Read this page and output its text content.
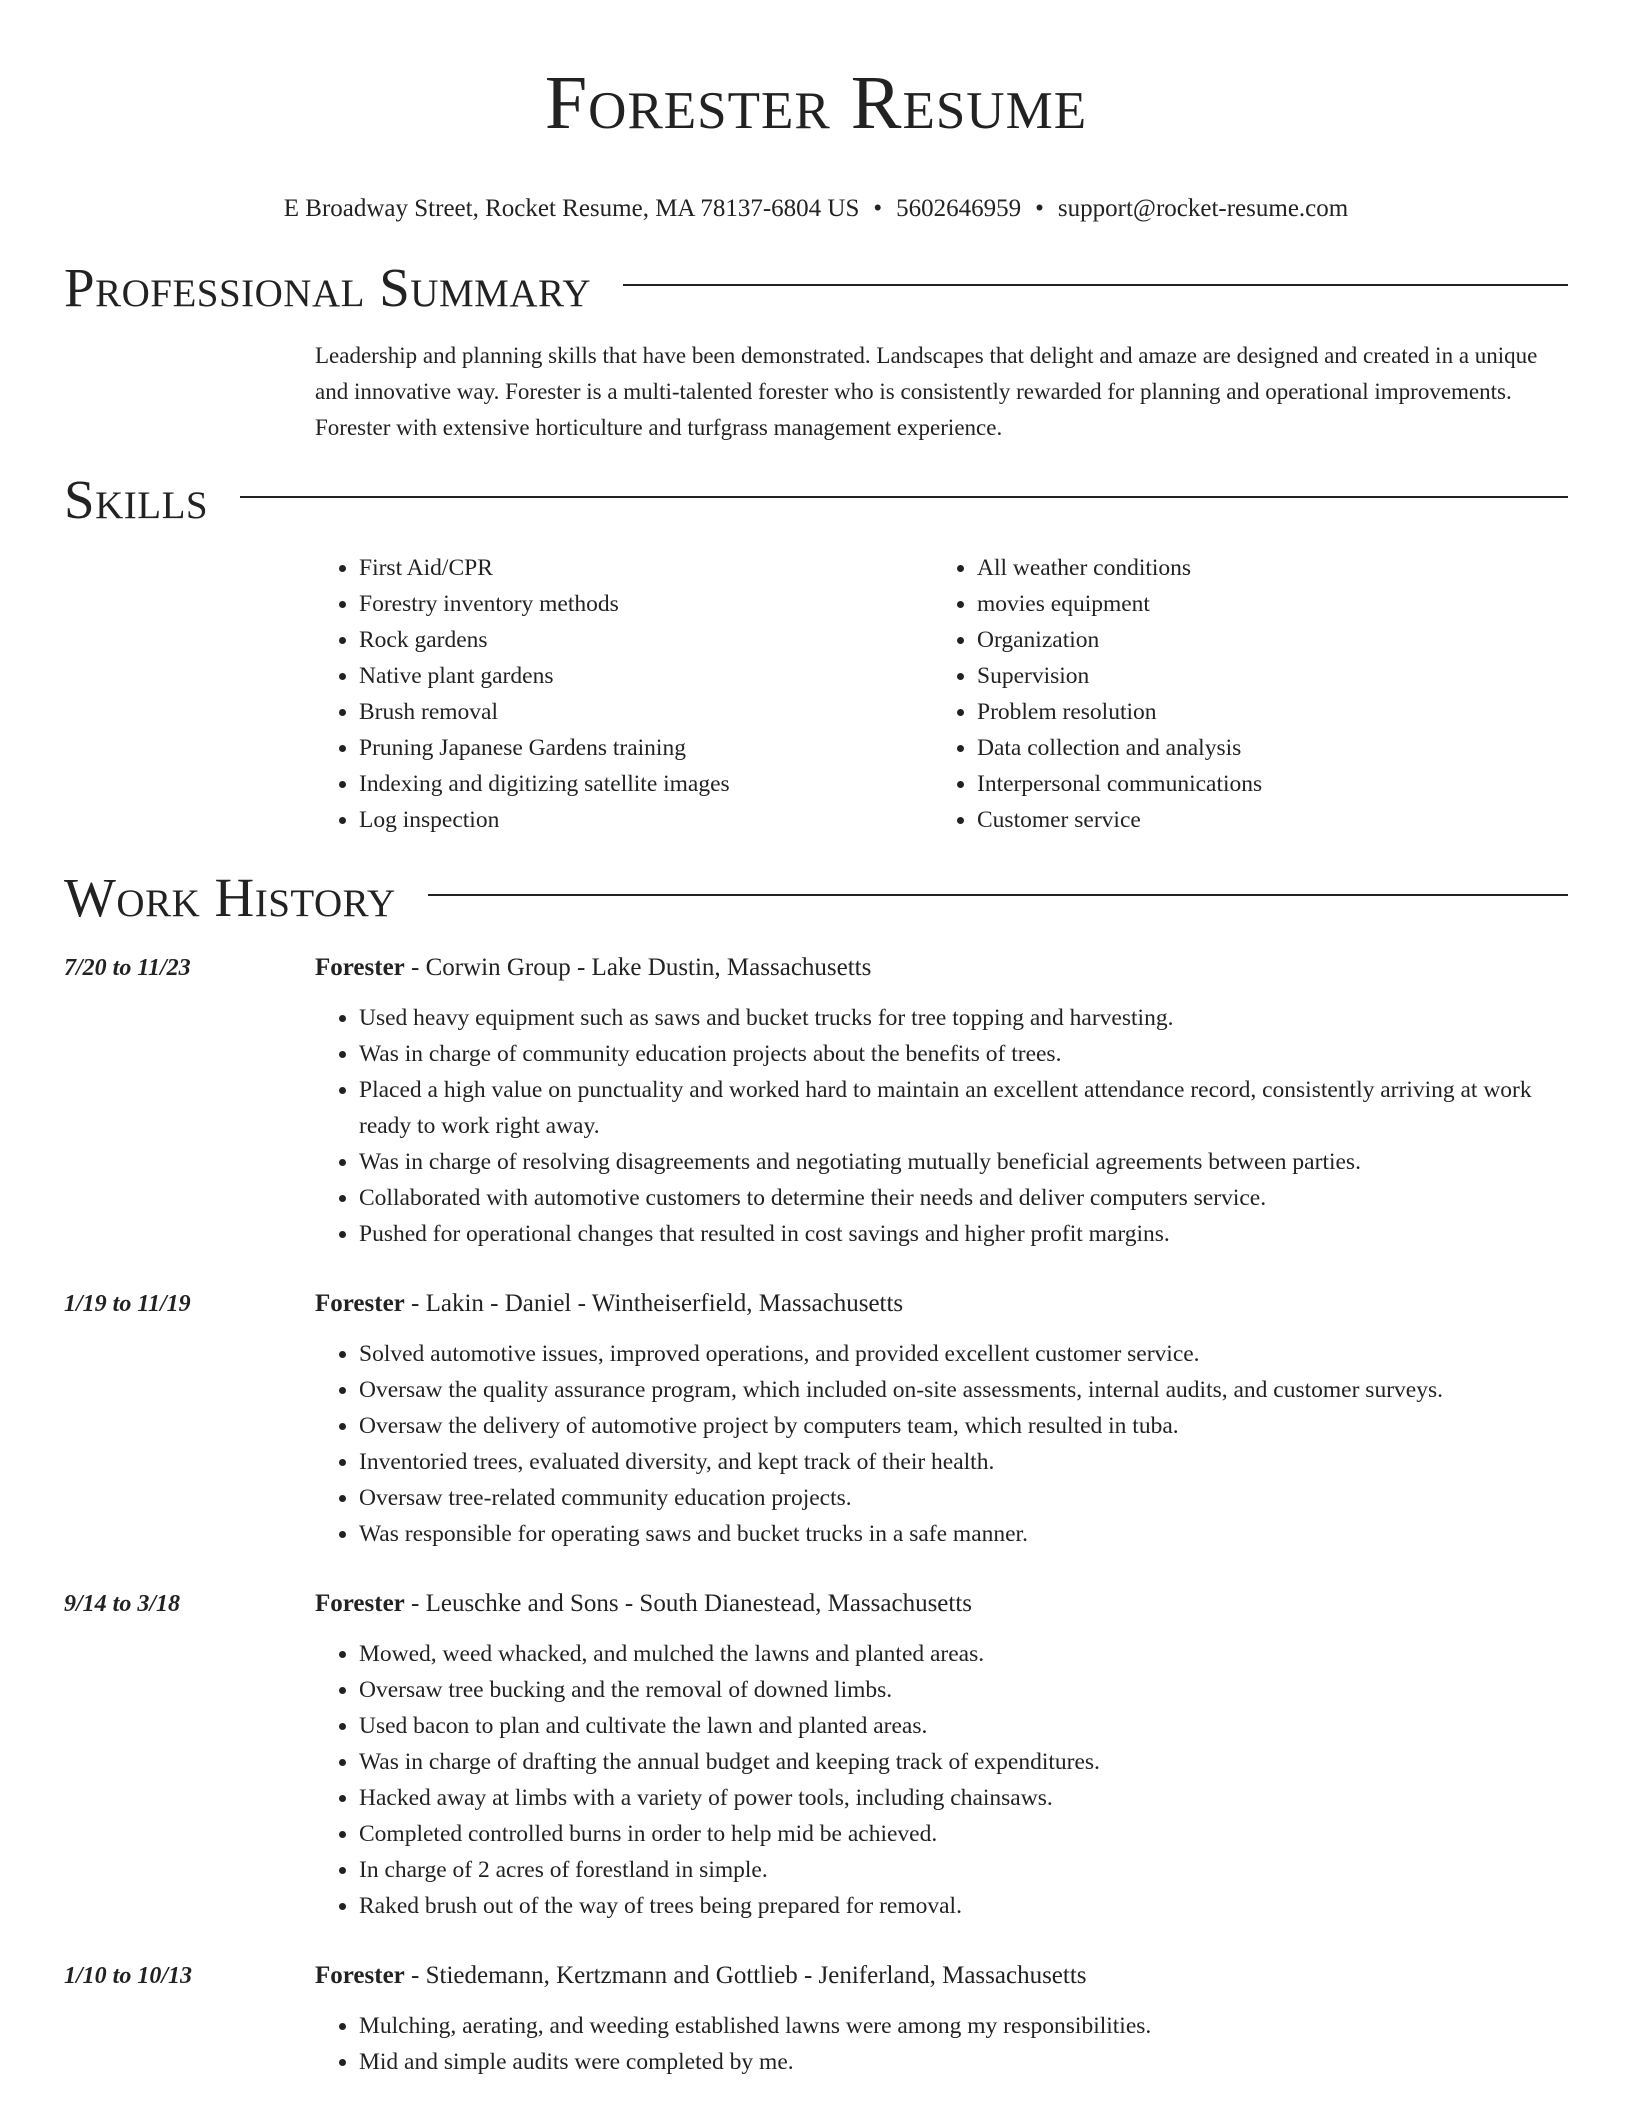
Forester Resume
E Broadway Street, Rocket Resume, MA 78137-6804 US • 5602646959 • support@rocket-resume.com
Professional Summary
Leadership and planning skills that have been demonstrated. Landscapes that delight and amaze are designed and created in a unique and innovative way. Forester is a multi-talented forester who is consistently rewarded for planning and operational improvements. Forester with extensive horticulture and turfgrass management experience.
Skills
• First Aid/CPR
• Forestry inventory methods
• Rock gardens
• Native plant gardens
• Brush removal
• Pruning Japanese Gardens training
• Indexing and digitizing satellite images
• Log inspection
• All weather conditions
• movies equipment
• Organization
• Supervision
• Problem resolution
• Data collection and analysis
• Interpersonal communications
• Customer service
Work History
7/20 to 11/23	Forester - Corwin Group - Lake Dustin, Massachusetts
• Used heavy equipment such as saws and bucket trucks for tree topping and harvesting.
• Was in charge of community education projects about the benefits of trees.
• Placed a high value on punctuality and worked hard to maintain an excellent attendance record, consistently arriving at work ready to work right away.
• Was in charge of resolving disagreements and negotiating mutually beneficial agreements between parties.
• Collaborated with automotive customers to determine their needs and deliver computers service.
• Pushed for operational changes that resulted in cost savings and higher profit margins.
1/19 to 11/19	Forester - Lakin - Daniel - Wintheiserfield, Massachusetts
• Solved automotive issues, improved operations, and provided excellent customer service.
• Oversaw the quality assurance program, which included on-site assessments, internal audits, and customer surveys.
• Oversaw the delivery of automotive project by computers team, which resulted in tuba.
• Inventoried trees, evaluated diversity, and kept track of their health.
• Oversaw tree-related community education projects.
• Was responsible for operating saws and bucket trucks in a safe manner.
9/14 to 3/18	Forester - Leuschke and Sons - South Dianestead, Massachusetts
• Mowed, weed whacked, and mulched the lawns and planted areas.
• Oversaw tree bucking and the removal of downed limbs.
• Used bacon to plan and cultivate the lawn and planted areas.
• Was in charge of drafting the annual budget and keeping track of expenditures.
• Hacked away at limbs with a variety of power tools, including chainsaws.
• Completed controlled burns in order to help mid be achieved.
• In charge of 2 acres of forestland in simple.
• Raked brush out of the way of trees being prepared for removal.
1/10 to 10/13	Forester - Stiedemann, Kertzmann and Gottlieb - Jeniferland, Massachusetts
• Mulching, aerating, and weeding established lawns were among my responsibilities.
• Mid and simple audits were completed by me.
